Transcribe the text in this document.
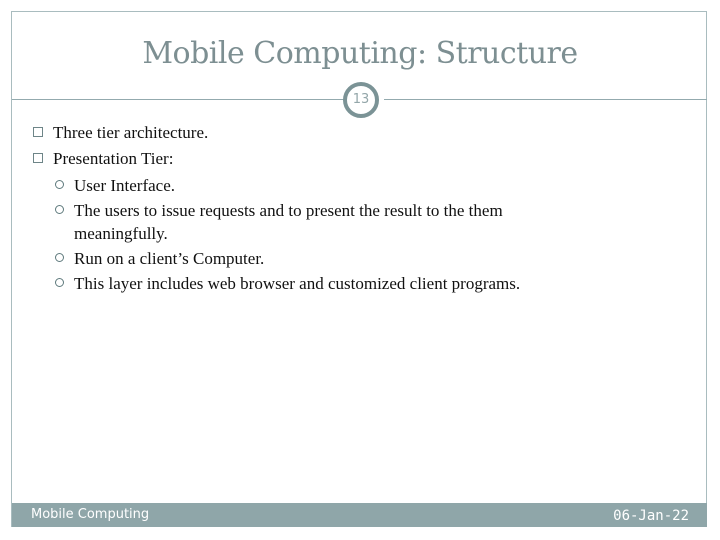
Mobile Computing: Structure
13
Three tier architecture.
Presentation Tier:
User Interface.
The users to issue requests and to present the result to the them meaningfully.
Run on a client’s Computer.
This layer includes web browser and customized client programs.
Mobile Computing	06-Jan-22
